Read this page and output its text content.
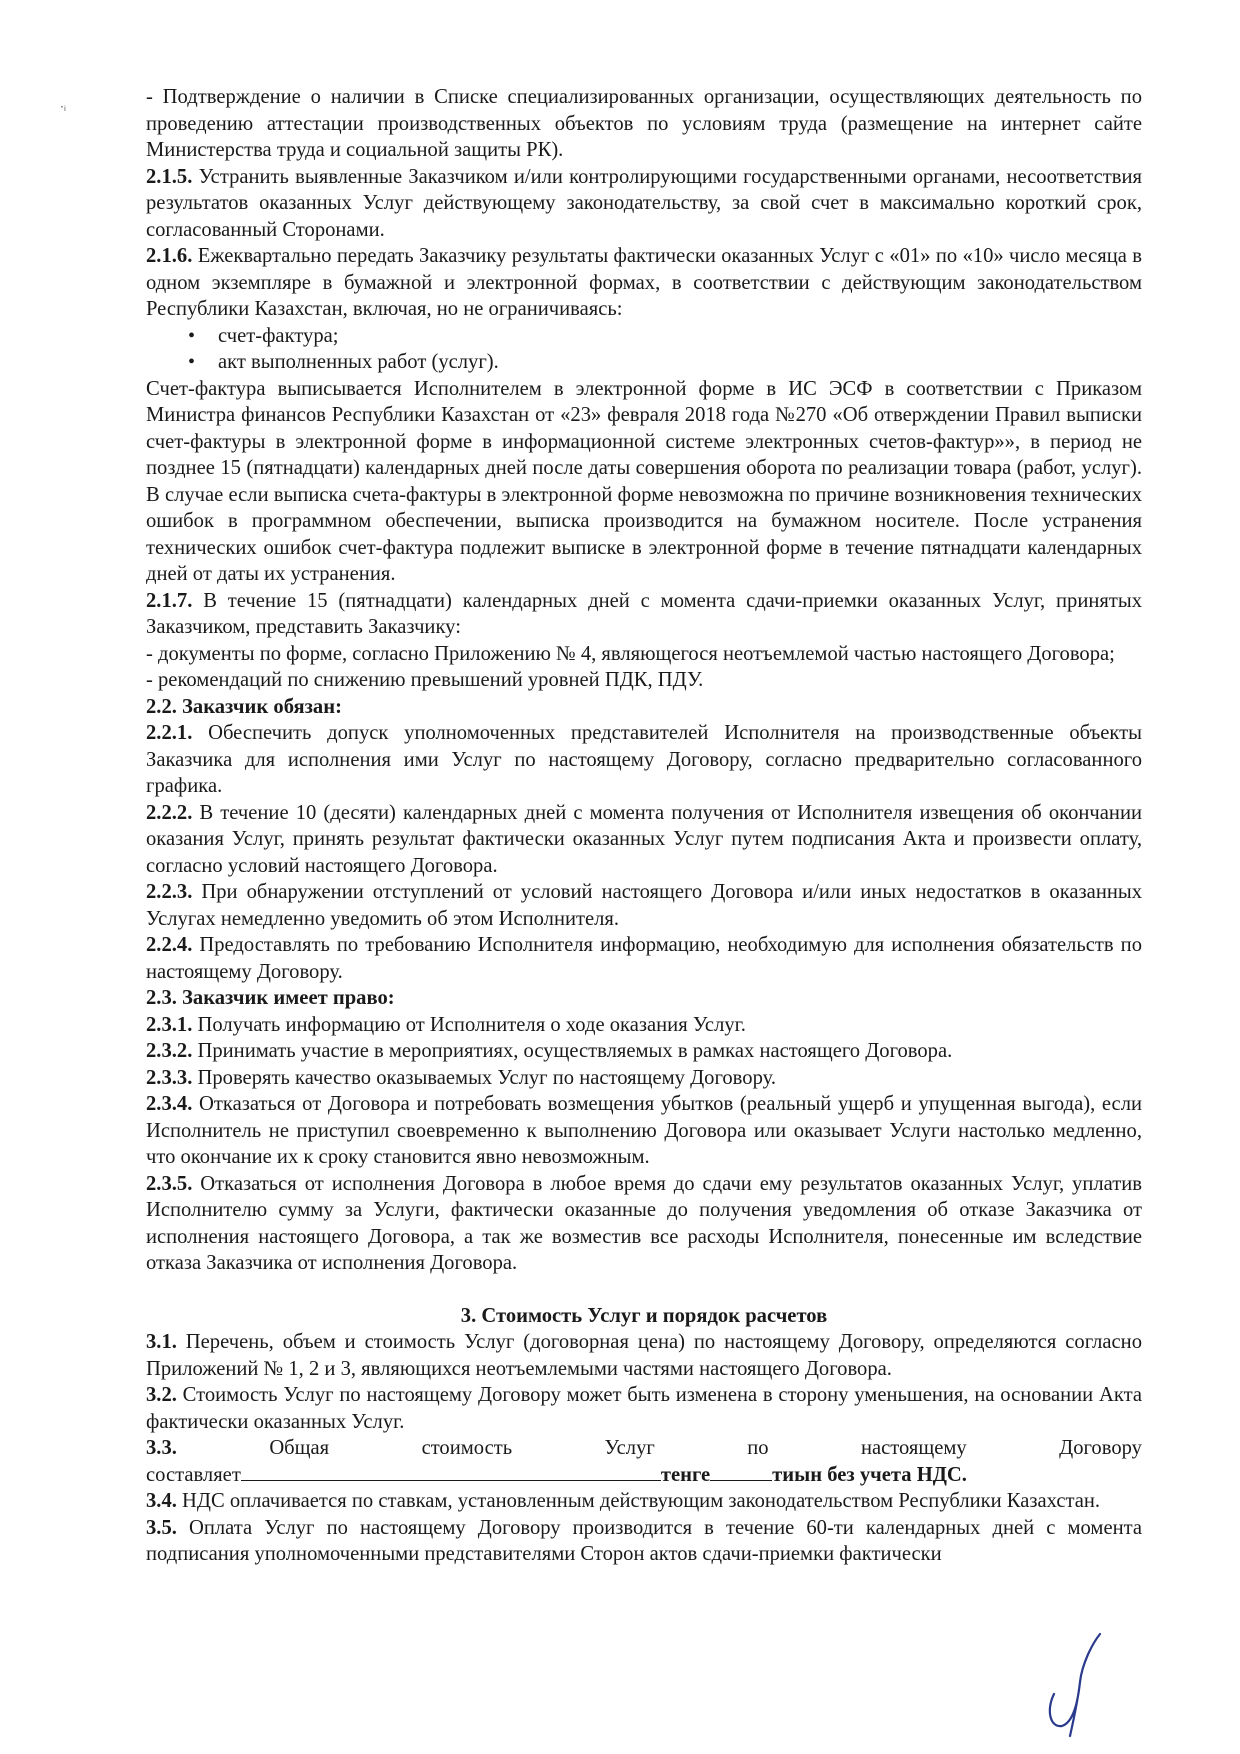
·ᵢ	- Подтверждение о наличии в Списке специализированных организации, осуществляющих деятельность по проведению аттестации производственных объектов по условиям труда (размещение на интернет сайте Министерства труда и социальной защиты РК).

2.1.5. Устранить выявленные Заказчиком и/или контролирующими государственными органами, несоответствия результатов оказанных Услуг действующему законодательству, за свой счет в максимально короткий срок, согласованный Сторонами.

2.1.6. Ежеквартально передать Заказчику результаты фактически оказанных Услуг с «01» по «10» число месяца в одном экземпляре в бумажной и электронной формах, в соответствии с действующим законодательством Республики Казахстан, включая, но не ограничиваясь:

• счет-фактура;
• акт выполненных работ (услуг).

Счет-фактура выписывается Исполнителем в электронной форме в ИС ЭСФ в соответствии с Приказом Министра финансов Республики Казахстан от «23» февраля 2018 года №270 «Об отверждении Правил выписки счет-фактуры в электронной форме в информационной системе электронных счетов-фактур»», в период не позднее 15 (пятнадцати) календарных дней после даты совершения оборота по реализации товара (работ, услуг). В случае если выписка счета-фактуры в электронной форме невозможна по причине возникновения технических ошибок в программном обеспечении, выписка производится на бумажном носителе. После устранения технических ошибок счет-фактура подлежит выписке в электронной форме в течение пятнадцати календарных дней от даты их устранения.

2.1.7. В течение 15 (пятнадцати) календарных дней с момента сдачи-приемки оказанных Услуг, принятых Заказчиком, представить Заказчику:

- документы по форме, согласно Приложению № 4, являющегося неотъемлемой частью настоящего Договора;

- рекомендаций по снижению превышений уровней ПДК, ПДУ.

2.2. Заказчик обязан:

2.2.1. Обеспечить допуск уполномоченных представителей Исполнителя на производственные объекты Заказчика для исполнения ими Услуг по настоящему Договору, согласно предварительно согласованного графика.

2.2.2. В течение 10 (десяти) календарных дней с момента получения от Исполнителя извещения об окончании оказания Услуг, принять результат фактически оказанных Услуг путем подписания Акта и произвести оплату, согласно условий настоящего Договора.

2.2.3. При обнаружении отступлений от условий настоящего Договора и/или иных недостатков в оказанных Услугах немедленно уведомить об этом Исполнителя.

2.2.4. Предоставлять по требованию Исполнителя информацию, необходимую для исполнения обязательств по настоящему Договору.

2.3. Заказчик имеет право:

2.3.1. Получать информацию от Исполнителя о ходе оказания Услуг.

2.3.2. Принимать участие в мероприятиях, осуществляемых в рамках настоящего Договора.

2.3.3. Проверять качество оказываемых Услуг по настоящему Договору.

2.3.4. Отказаться от Договора и потребовать возмещения убытков (реальный ущерб и упущенная выгода), если Исполнитель не приступил своевременно к выполнению Договора или оказывает Услуги настолько медленно, что окончание их к сроку становится явно невозможным.

2.3.5. Отказаться от исполнения Договора в любое время до сдачи ему результатов оказанных Услуг, уплатив Исполнителю сумму за Услуги, фактически оказанные до получения уведомления об отказе Заказчика от исполнения настоящего Договора, а так же возместив все расходы Исполнителя, понесенные им вследствие отказа Заказчика от исполнения Договора.

3. Стоимость Услуг и порядок расчетов

3.1. Перечень, объем и стоимость Услуг (договорная цена) по настоящему Договору, определяются согласно Приложений № 1, 2 и 3, являющихся неотъемлемыми частями настоящего Договора.

3.2. Стоимость Услуг по настоящему Договору может быть изменена в сторону уменьшения, на основании Акта фактически оказанных Услуг.

3.3.	Общая	стоимость	Услуг	по	настоящему	Договору

составляет	тенге	тиын без учета НДС.

3.4. НДС оплачивается по ставкам, установленным действующим законодательством Республики Казахстан.

3.5. Оплата Услуг по настоящему Договору производится в течение 60-ти календарных дней с момента подписания уполномоченными представителями Сторон актов сдачи-приемки фактически
